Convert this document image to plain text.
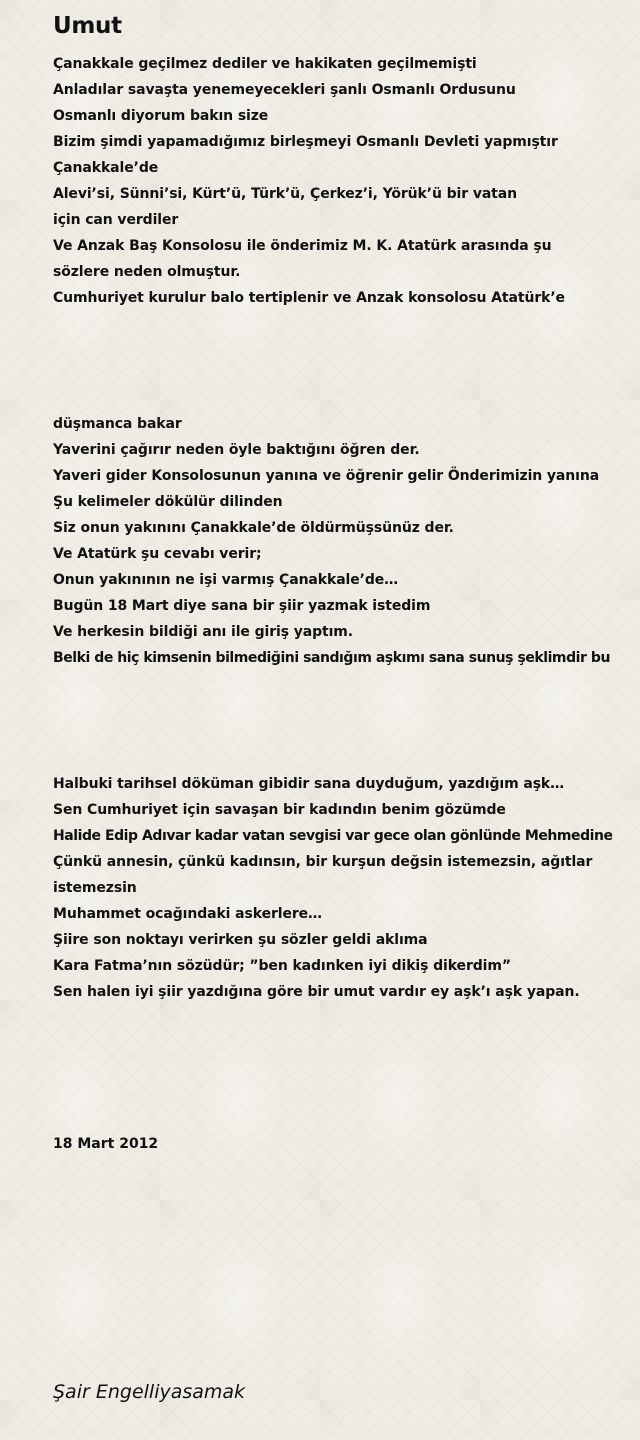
Umut

Çanakkale geçilmez dediler ve hakikaten geçilmemişti

Anladılar savaşta yenemeyecekleri şanlı Osmanlı Ordusunu

Osmanlı diyorum bakın size

Bizim şimdi yapamadığımız birleşmeyi Osmanlı Devleti yapmıştır

Çanakkale’de

Alevi’si, Sünni’si, Kürt’ü, Türk’ü, Çerkez’i, Yörük’ü bir vatan

için can verdiler

Ve Anzak Baş Konsolosu ile önderimiz M. K. Atatürk arasında şu

sözlere neden olmuştur.

Cumhuriyet kurulur balo tertiplenir ve Anzak konsolosu Atatürk’e

düşmanca bakar

Yaverini çağırır neden öyle baktığını öğren der.

Yaveri gider Konsolosunun yanına ve öğrenir gelir Önderimizin yanına

Şu kelimeler dökülür dilinden

Siz onun yakınını Çanakkale’de öldürmüşsünüz der.

Ve Atatürk şu cevabı verir;

Onun yakınının ne işi varmış Çanakkale’de…

Bugün 18 Mart diye sana bir şiir yazmak istedim

Ve herkesin bildiği anı ile giriş yaptım.

Belki de hiç kimsenin bilmediğini sandığım aşkımı sana sunuş şeklimdir bu

Halbuki tarihsel döküman gibidir sana duyduğum, yazdığım aşk…

Sen Cumhuriyet için savaşan bir kadındın benim gözümde

Halide Edip Adıvar kadar vatan sevgisi var gece olan gönlünde Mehmedine

Çünkü annesin, çünkü kadınsın, bir kurşun değsin istemezsin, ağıtlar

istemezsin

Muhammet ocağındaki askerlere…

Şiire son noktayı verirken şu sözler geldi aklıma

Kara Fatma’nın sözüdür; ”ben kadınken iyi dikiş dikerdim”

Sen halen iyi şiir yazdığına göre bir umut vardır ey aşk’ı aşk yapan.

18 Mart 2012

Şair Engelliyasamak
